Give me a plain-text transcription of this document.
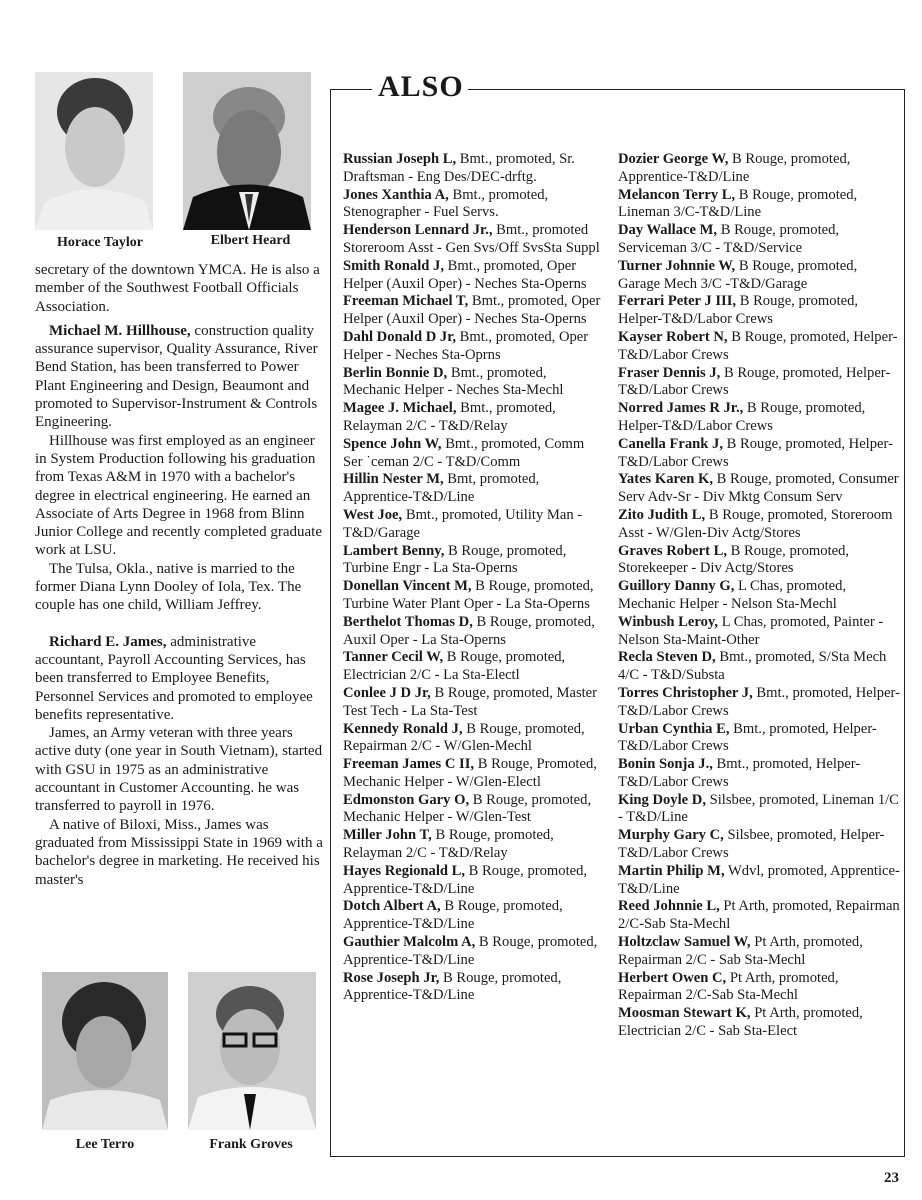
Horace Taylor	Elbert Heard

secretary of the downtown YMCA. He is also a member of the Southwest Football Officials Association.

Michael M. Hillhouse, construction quality assurance supervisor, Quality Assurance, River Bend Station, has been transferred to Power Plant Engineering and Design, Beaumont and promoted to Supervisor-Instrument & Controls Engineering.

Hillhouse was first employed as an engineer in System Production following his graduation from Texas A&M in 1970 with a bachelor's degree in electrical engineering. He earned an Associate of Arts Degree in 1968 from Blinn Junior College and recently completed graduate work at LSU.

The Tulsa, Okla., native is married to the former Diana Lynn Dooley of Iola, Tex. The couple has one child, William Jeffrey.

Richard E. James, administrative accountant, Payroll Accounting Services, has been transferred to Employee Benefits, Personnel Services and promoted to employee benefits representative.

James, an Army veteran with three years active duty (one year in South Vietnam), started with GSU in 1975 as an administrative accountant in Customer Accounting. he was transferred to payroll in 1976.

A native of Biloxi, Miss., James was graduated from Mississippi State in 1969 with a bachelor's degree in marketing. He received his master's

Lee Terro	Frank Groves
ALSO

Russian Joseph L, Bmt., promoted, Sr. Draftsman - Eng Des/DEC-drftg.

Jones Xanthia A, Bmt., promoted, Stenographer - Fuel Servs.

Henderson Lennard Jr., Bmt., promoted Storeroom Asst - Gen Svs/Off SvsSta Suppl

Smith Ronald J, Bmt., promoted, Oper Helper (Auxil Oper) - Neches Sta-Operns

Freeman Michael T, Bmt., promoted, Oper Helper (Auxil Oper) - Neches Sta-Operns

Dahl Donald D Jr, Bmt., promoted, Oper Helper - Neches Sta-Oprns

Berlin Bonnie D, Bmt., promoted, Mechanic Helper - Neches Sta-Mechl

Magee J. Michael, Bmt., promoted, Relayman 2/C - T&D/Relay

Spence John W, Bmt., promoted, Comm Ser ˙ceman 2/C - T&D/Comm

Hillin Nester M, Bmt, promoted, Apprentice-T&D/Line

West Joe, Bmt., promoted, Utility Man - T&D/Garage

Lambert Benny, B Rouge, promoted, Turbine Engr - La Sta-Operns

Donellan Vincent M, B Rouge, promoted, Turbine Water Plant Oper - La Sta-Operns

Berthelot Thomas D, B Rouge, promoted, Auxil Oper - La Sta-Operns

Tanner Cecil W, B Rouge, promoted, Electrician 2/C - La Sta-Electl

Conlee J D Jr, B Rouge, promoted, Master Test Tech - La Sta-Test

Kennedy Ronald J, B Rouge, promoted, Repairman 2/C - W/Glen-Mechl

Freeman James C II, B Rouge, Promoted, Mechanic Helper - W/Glen-Electl

Edmonston Gary O, B Rouge, promoted, Mechanic Helper - W/Glen-Test

Miller John T, B Rouge, promoted, Relayman 2/C - T&D/Relay

Hayes Regionald L, B Rouge, promoted, Apprentice-T&D/Line

Dotch Albert A, B Rouge, promoted, Apprentice-T&D/Line

Gauthier Malcolm A, B Rouge, promoted, Apprentice-T&D/Line

Rose Joseph Jr, B Rouge, promoted, Apprentice-T&D/Line

Dozier George W, B Rouge, promoted, Apprentice-T&D/Line

Melancon Terry L, B Rouge, promoted, Lineman 3/C-T&D/Line

Day Wallace M, B Rouge, promoted, Serviceman 3/C - T&D/Service

Turner Johnnie W, B Rouge, promoted, Garage Mech 3/C -T&D/Garage

Ferrari Peter J III, B Rouge, promoted, Helper-T&D/Labor Crews

Kayser Robert N, B Rouge, promoted, Helper-T&D/Labor Crews

Fraser Dennis J, B Rouge, promoted, Helper-T&D/Labor Crews

Norred James R Jr., B Rouge, promoted, Helper-T&D/Labor Crews

Canella Frank J, B Rouge, promoted, Helper-T&D/Labor Crews

Yates Karen K, B Rouge, promoted, Consumer Serv Adv-Sr - Div Mktg Consum Serv

Zito Judith L, B Rouge, promoted, Storeroom Asst - W/Glen-Div Actg/Stores

Graves Robert L, B Rouge, promoted, Storekeeper - Div Actg/Stores

Guillory Danny G, L Chas, promoted, Mechanic Helper - Nelson Sta-Mechl

Winbush Leroy, L Chas, promoted, Painter - Nelson Sta-Maint-Other

Recla Steven D, Bmt., promoted, S/Sta Mech 4/C - T&D/Substa

Torres Christopher J, Bmt., promoted, Helper-T&D/Labor Crews

Urban Cynthia E, Bmt., promoted, Helper-T&D/Labor Crews

Bonin Sonja J., Bmt., promoted, Helper-T&D/Labor Crews

King Doyle D, Silsbee, promoted, Lineman 1/C - T&D/Line

Murphy Gary C, Silsbee, promoted, Helper-T&D/Labor Crews

Martin Philip M, Wdvl, promoted, Apprentice-T&D/Line

Reed Johnnie L, Pt Arth, promoted, Repairman 2/C-Sab Sta-Mechl

Holtzclaw Samuel W, Pt Arth, promoted, Repairman 2/C - Sab Sta-Mechl

Herbert Owen C, Pt Arth, promoted, Repairman 2/C-Sab Sta-Mechl

Moosman Stewart K, Pt Arth, promoted, Electrician 2/C - Sab Sta-Elect

23
